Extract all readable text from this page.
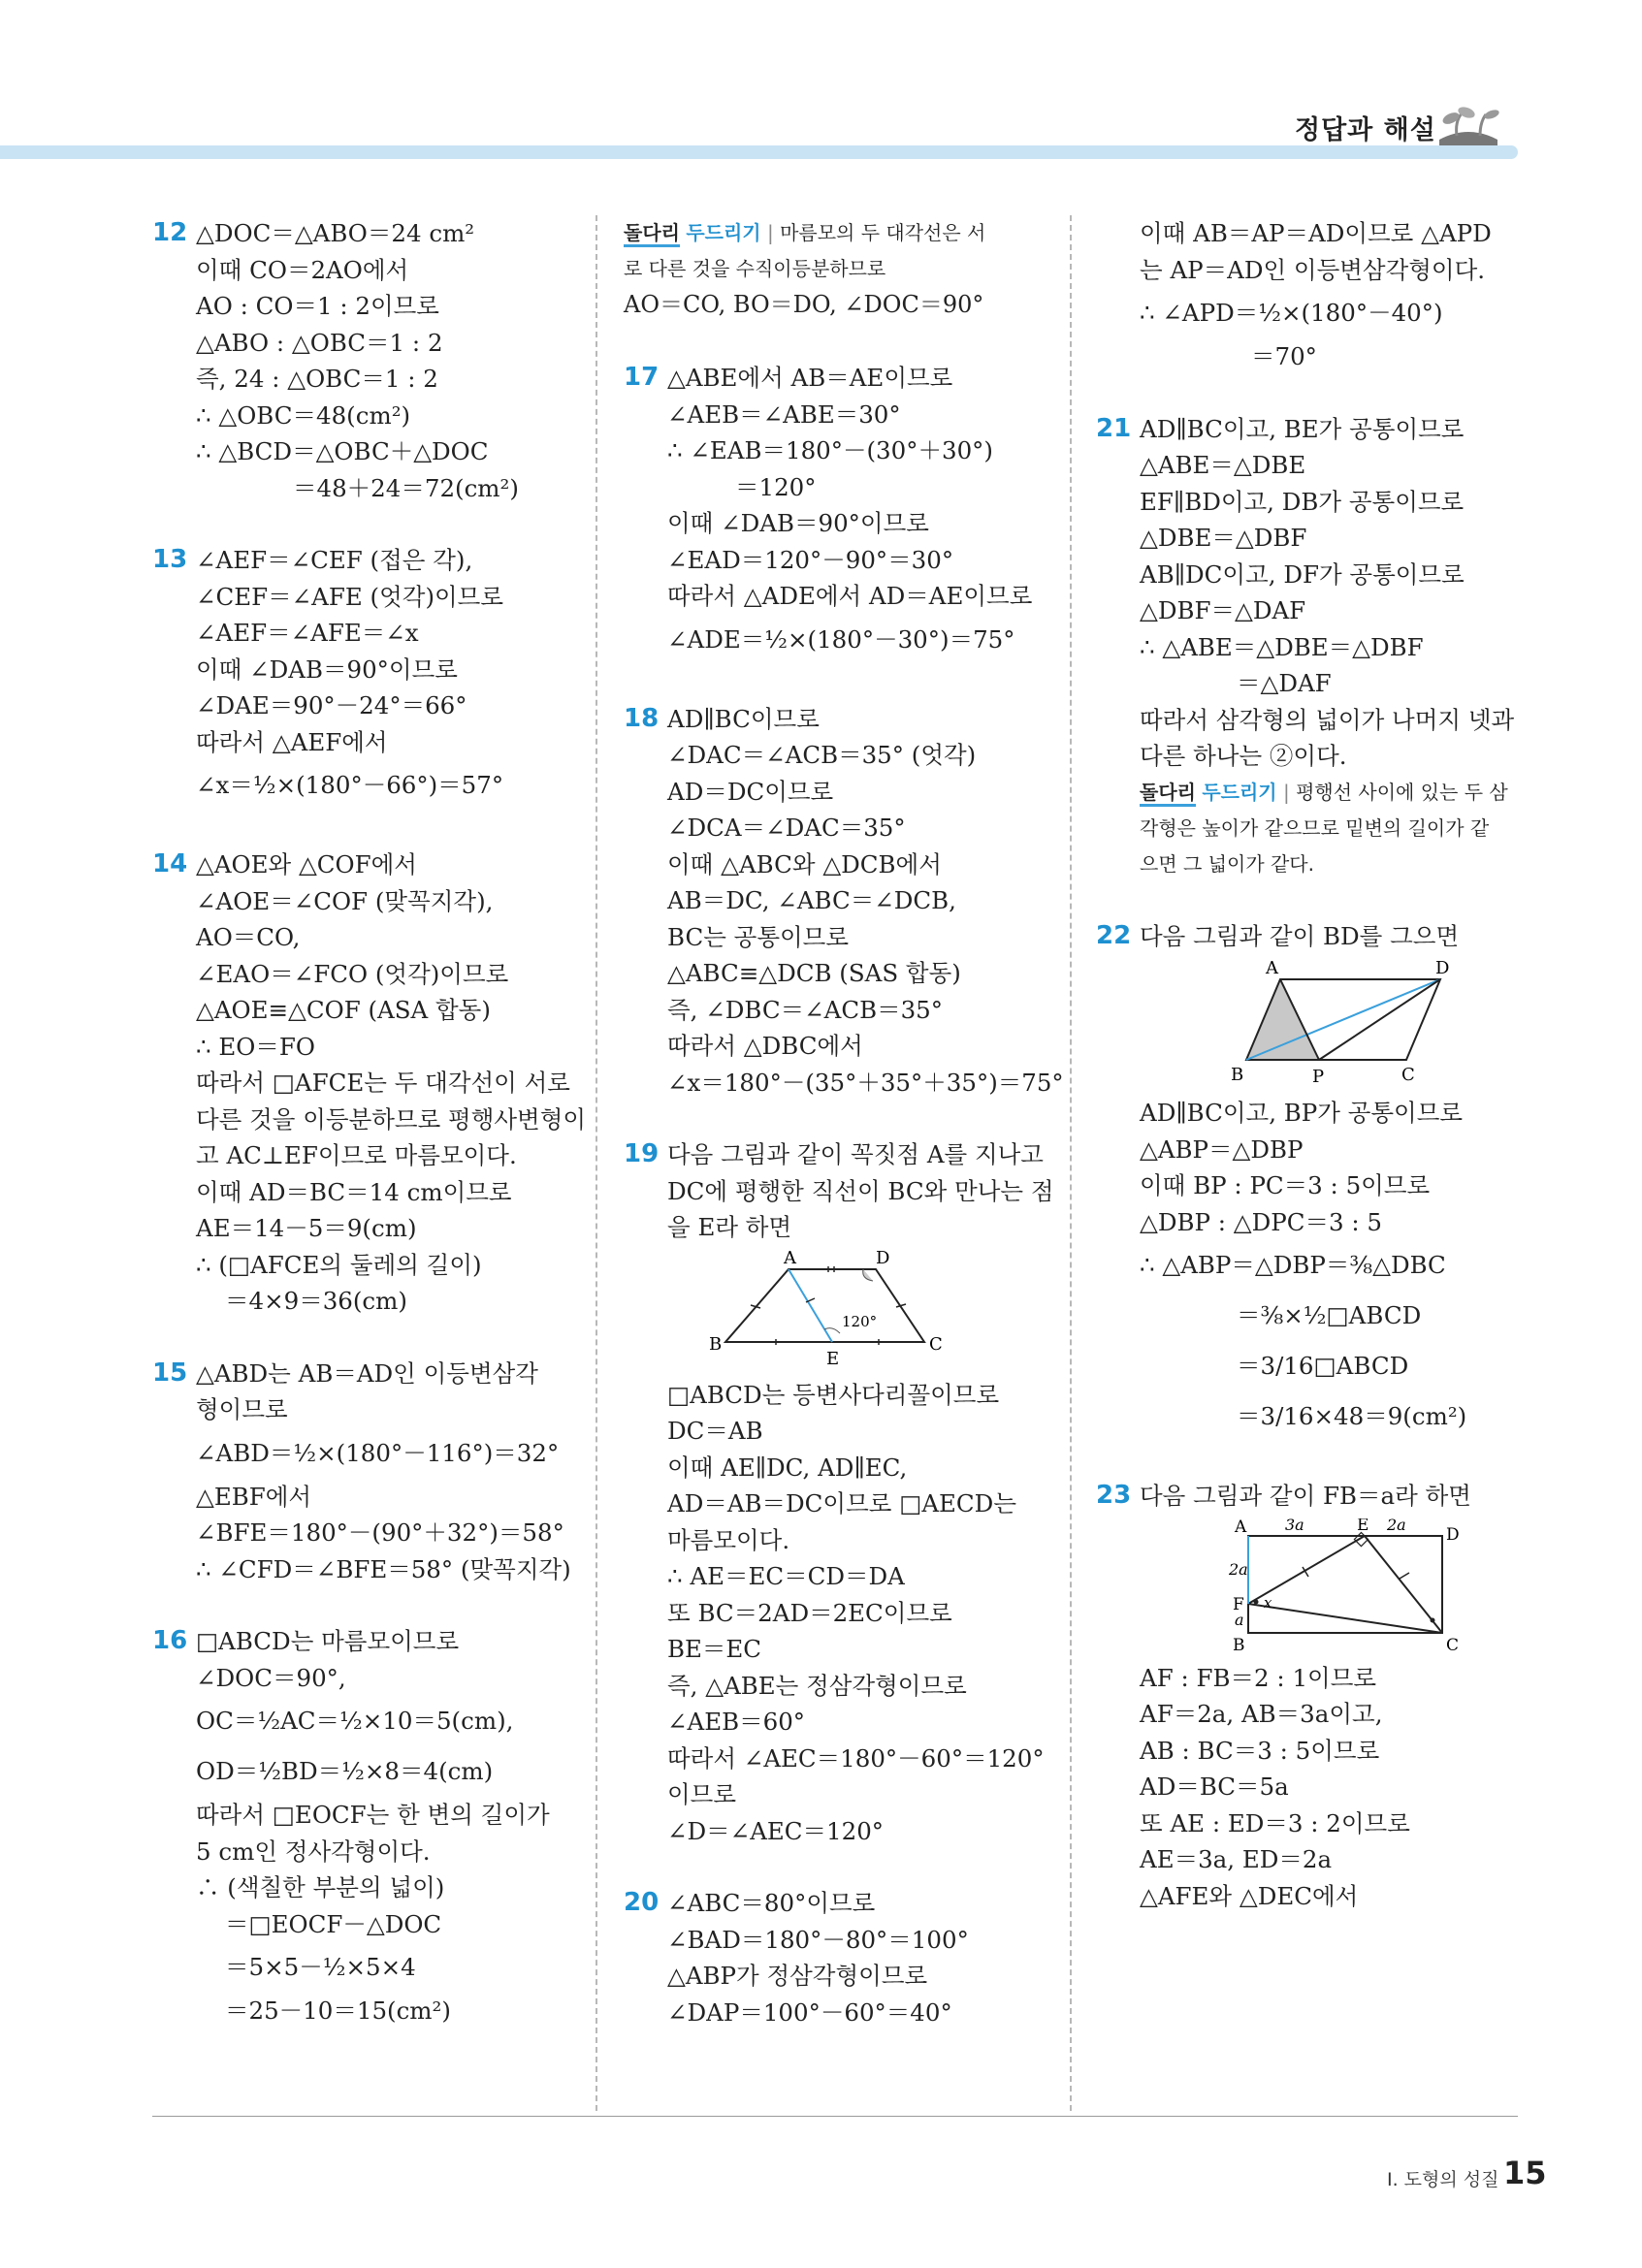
정답과 해설
12 △DOC＝△ABO＝24 cm²
이때 CO＝2AO에서
AO : CO＝1 : 2이므로
△ABO : △OBC＝1 : 2
즉, 24 : △OBC＝1 : 2
∴ △OBC＝48(cm²)
∴ △BCD＝△OBC＋△DOC
＝48＋24＝72(cm²)
13 ∠AEF＝∠CEF (접은 각),
∠CEF＝∠AFE (엇각)이므로
∠AEF＝∠AFE＝∠x
이때 ∠DAB＝90°이므로
∠DAE＝90°－24°＝66°
따라서 △AEF에서
∠x＝½×(180°－66°)＝57°
14 △AOE와 △COF에서
∠AOE＝∠COF (맞꼭지각),
AO＝CO,
∠EAO＝∠FCO (엇각)이므로
△AOE≡△COF (ASA 합동)
∴ EO＝FO
따라서 □AFCE는 두 대각선이 서로
다른 것을 이등분하므로 평행사변형이
고 AC⊥EF이므로 마름모이다.
이때 AD＝BC＝14 cm이므로
AE＝14－5＝9(cm)
∴ (□AFCE의 둘레의 길이)
＝4×9＝36(cm)
15 △ABD는 AB＝AD인 이등변삼각
형이므로
∠ABD＝½×(180°－116°)＝32°
△EBF에서
∠BFE＝180°－(90°＋32°)＝58°
∴ ∠CFD＝∠BFE＝58° (맞꼭지각)
16 □ABCD는 마름모이므로
∠DOC＝90°,
OC＝½AC＝½×10＝5(cm),
OD＝½BD＝½×8＝4(cm)
따라서 □EOCF는 한 변의 길이가
5 cm인 정사각형이다.
∴ (색칠한 부분의 넓이)
＝□EOCF－△DOC
＝5×5－½×5×4
＝25－10＝15(cm²)
돌다리 두드리기 | 마름모의 두 대각선은 서
로 다른 것을 수직이등분하므로
AO＝CO, BO＝DO, ∠DOC＝90°
17 △ABE에서 AB＝AE이므로
∠AEB＝∠ABE＝30°
∴ ∠EAB＝180°－(30°＋30°)
＝120°
이때 ∠DAB＝90°이므로
∠EAD＝120°－90°＝30°
따라서 △ADE에서 AD＝AE이므로
∠ADE＝½×(180°－30°)＝75°
18 AD∥BC이므로
∠DAC＝∠ACB＝35° (엇각)
AD＝DC이므로
∠DCA＝∠DAC＝35°
이때 △ABC와 △DCB에서
AB＝DC, ∠ABC＝∠DCB,
BC는 공통이므로
△ABC≡△DCB (SAS 합동)
즉, ∠DBC＝∠ACB＝35°
따라서 △DBC에서
∠x＝180°－(35°＋35°＋35°)＝75°
19 다음 그림과 같이 꼭짓점 A를 지나고
DC에 평행한 직선이 BC와 만나는 점
을 E라 하면
A	D
B	C
E
120°
□ABCD는 등변사다리꼴이므로
DC＝AB
이때 AE∥DC, AD∥EC,
AD＝AB＝DC이므로 □AECD는
마름모이다.
∴ AE＝EC＝CD＝DA
또 BC＝2AD＝2EC이므로
BE＝EC
즉, △ABE는 정삼각형이므로
∠AEB＝60°
따라서 ∠AEC＝180°－60°＝120°
이므로
∠D＝∠AEC＝120°
20 ∠ABC＝80°이므로
∠BAD＝180°－80°＝100°
△ABP가 정삼각형이므로
∠DAP＝100°－60°＝40°
이때 AB＝AP＝AD이므로 △APD
는 AP＝AD인 이등변삼각형이다.
∴ ∠APD＝½×(180°－40°)
＝70°
21 AD∥BC이고, BE가 공통이므로
△ABE＝△DBE
EF∥BD이고, DB가 공통이므로
△DBE＝△DBF
AB∥DC이고, DF가 공통이므로
△DBF＝△DAF
∴ △ABE＝△DBE＝△DBF
＝△DAF
따라서 삼각형의 넓이가 나머지 넷과
다른 하나는 ②이다.
돌다리 두드리기 | 평행선 사이에 있는 두 삼
각형은 높이가 같으므로 밑변의 길이가 같
으면 그 넓이가 같다.
22 다음 그림과 같이 BD를 그으면
A	D
B	P	C
AD∥BC이고, BP가 공통이므로
△ABP＝△DBP
이때 BP : PC＝3 : 5이므로
△DBP : △DPC＝3 : 5
∴ △ABP＝△DBP＝⅜△DBC
＝⅜×½□ABCD
＝3/16□ABCD
＝3/16×48＝9(cm²)
23 다음 그림과 같이 FB＝a라 하면
A	E	D
B	C
F
3a	2a
2a
a
x
AF : FB＝2 : 1이므로
AF＝2a, AB＝3a이고,
AB : BC＝3 : 5이므로
AD＝BC＝5a
또 AE : ED＝3 : 2이므로
AE＝3a, ED＝2a
△AFE와 △DEC에서
Ⅰ. 도형의 성질 15
